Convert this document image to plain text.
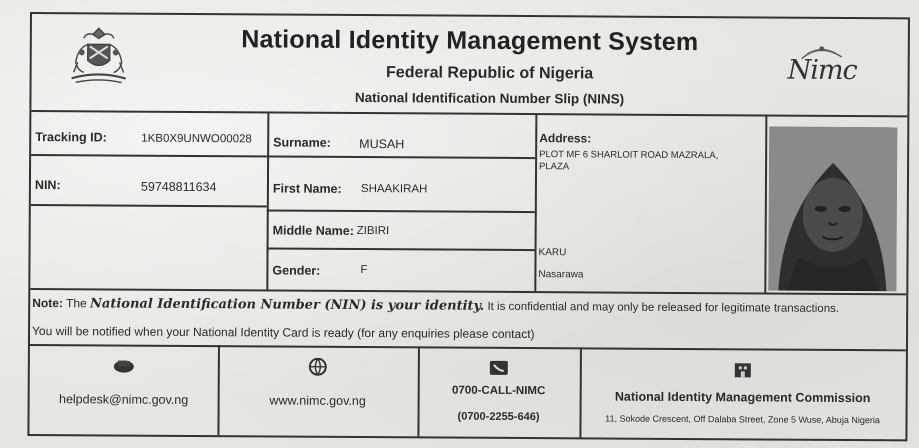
National Identity Management System
Federal Republic of Nigeria
National Identification Number Slip (NINS)
Nimc
Tracking ID:	1KB0X9UNWO00028
NIN:	59748811634
Surname: MUSAH
First Name: SHAAKIRAH
Middle Name: ZIBIRI
Gender:	F
Address:
PLOT MF 6 SHARLOIT ROAD MAZRALA,
PLAZA
KARU
Nasarawa
Note: The National Identification Number (NIN) is your identity. It is confidential and may only be released for legitimate transactions.
You will be notified when your National Identity Card is ready (for any enquiries please contact)
helpdesk@nimc.gov.ng	www.nimc.gov.ng
0700-CALL-NIMC
(0700-2255-646)
National Identity Management Commission
11, Sokode Crescent, Off Dalaba Street, Zone 5 Wuse, Abuja Nigeria
